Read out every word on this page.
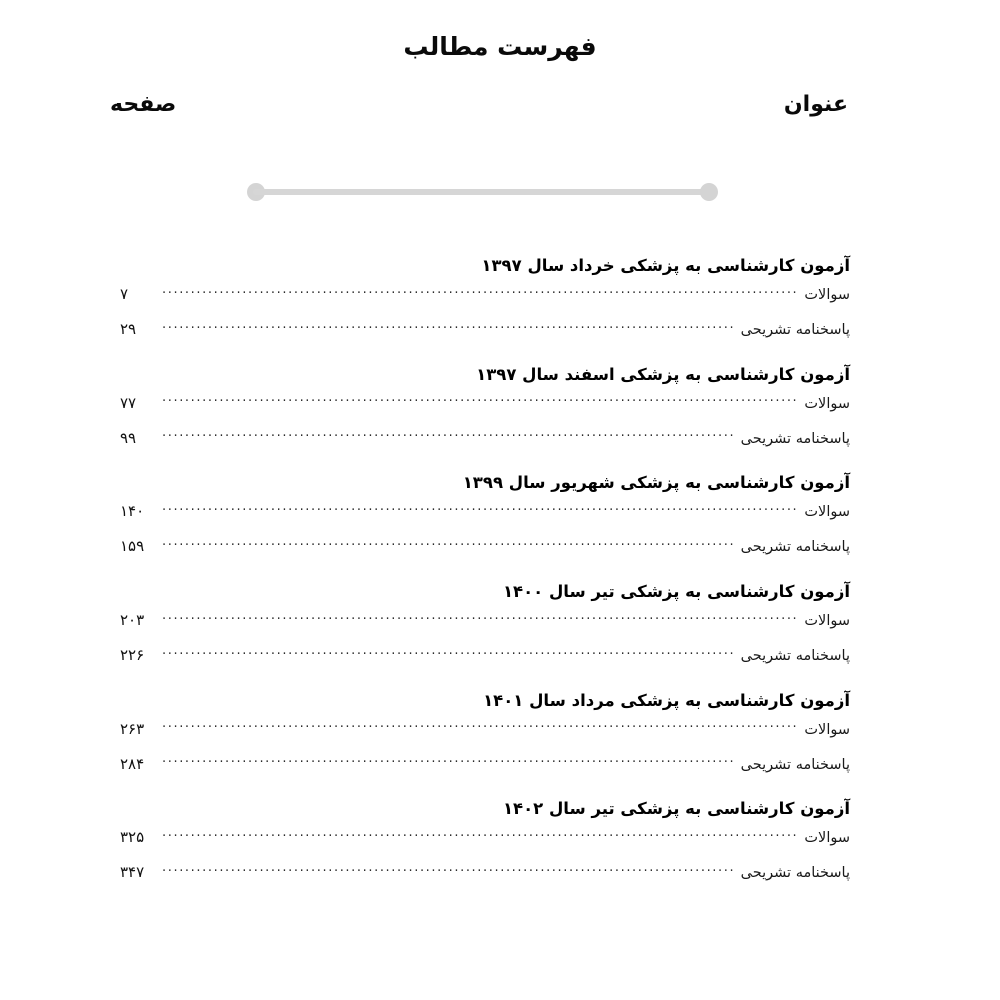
فهرست مطالب
عنوان
صفحه
آزمون کارشناسی به پزشکی خرداد سال ۱۳۹۷
سوالات
.....
۷
پاسخنامه تشریحی
.....
۲۹
آزمون کارشناسی به پزشکی اسفند سال ۱۳۹۷
سوالات
.....
۷۷
پاسخنامه تشریحی
.....
۹۹
آزمون کارشناسی به پزشکی شهریور سال ۱۳۹۹
سوالات
.....
۱۴۰
پاسخنامه تشریحی
.....
۱۵۹
آزمون کارشناسی به پزشکی تیر سال ۱۴۰۰
سوالات
.....
۲۰۳
پاسخنامه تشریحی
.....
۲۲۶
آزمون کارشناسی به پزشکی مرداد سال ۱۴۰۱
سوالات
.....
۲۶۳
پاسخنامه تشریحی
.....
۲۸۴
آزمون کارشناسی به پزشکی تیر سال ۱۴۰۲
سوالات
.....
۳۲۵
پاسخنامه تشریحی
.....
۳۴۷
